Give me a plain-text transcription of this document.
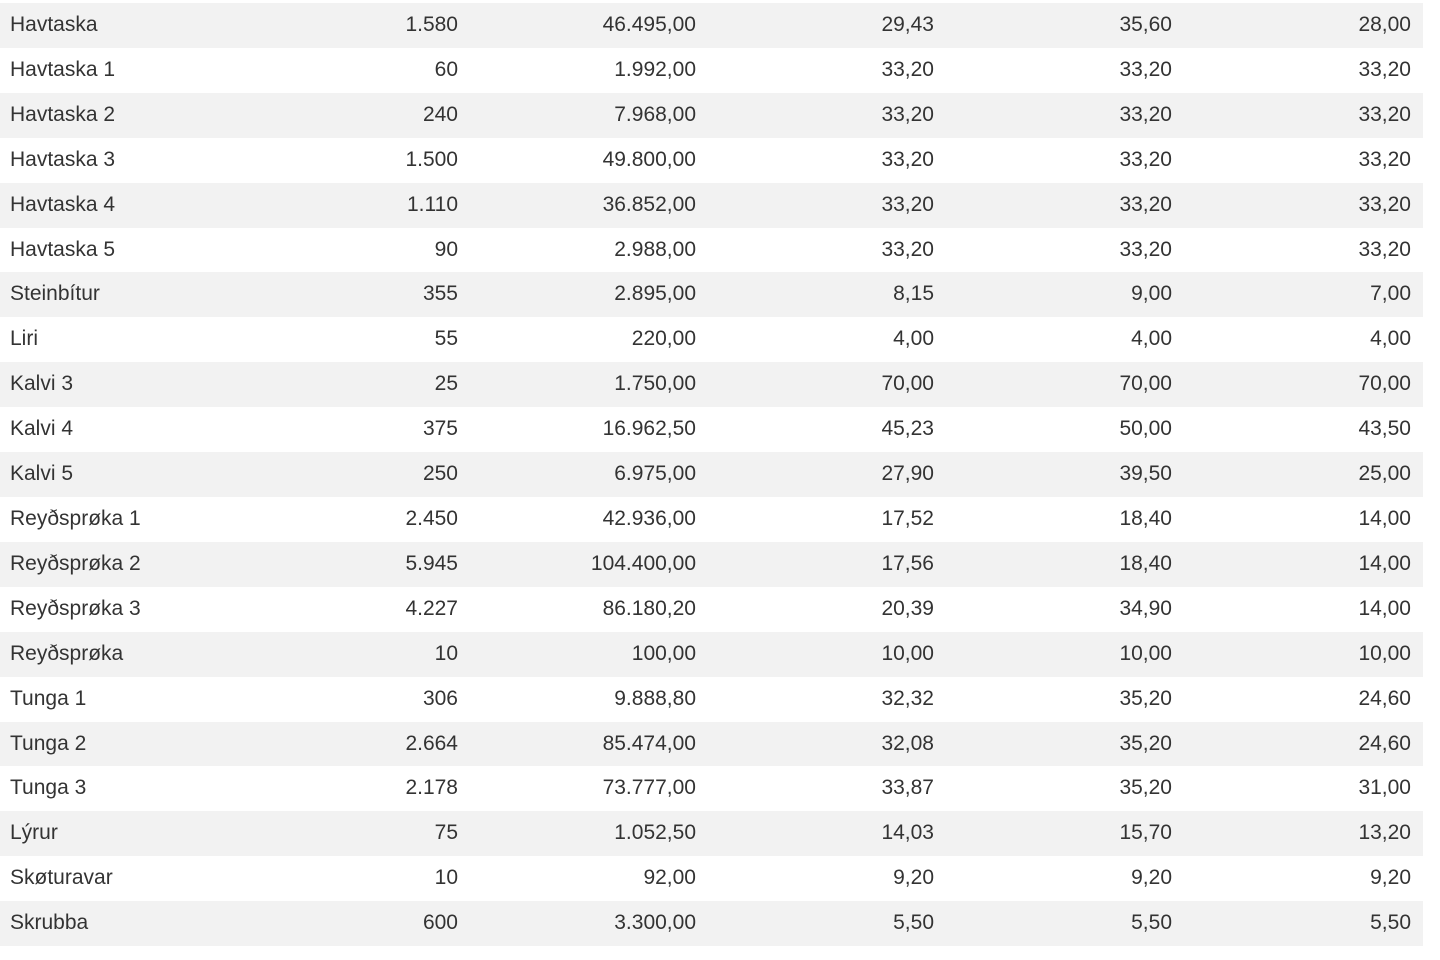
Havtaska	1.580	46.495,00	29,43	35,60	28,00
Havtaska 1	60	1.992,00	33,20	33,20	33,20
Havtaska 2	240	7.968,00	33,20	33,20	33,20
Havtaska 3	1.500	49.800,00	33,20	33,20	33,20
Havtaska 4	1.110	36.852,00	33,20	33,20	33,20
Havtaska 5	90	2.988,00	33,20	33,20	33,20
Steinbítur	355	2.895,00	8,15	9,00	7,00
Liri	55	220,00	4,00	4,00	4,00
Kalvi 3	25	1.750,00	70,00	70,00	70,00
Kalvi 4	375	16.962,50	45,23	50,00	43,50
Kalvi 5	250	6.975,00	27,90	39,50	25,00
Reyðsprøka 1	2.450	42.936,00	17,52	18,40	14,00
Reyðsprøka 2	5.945	104.400,00	17,56	18,40	14,00
Reyðsprøka 3	4.227	86.180,20	20,39	34,90	14,00
Reyðsprøka	10	100,00	10,00	10,00	10,00
Tunga 1	306	9.888,80	32,32	35,20	24,60
Tunga 2	2.664	85.474,00	32,08	35,20	24,60
Tunga 3	2.178	73.777,00	33,87	35,20	31,00
Lýrur	75	1.052,50	14,03	15,70	13,20
Skøturavar	10	92,00	9,20	9,20	9,20
Skrubba	600	3.300,00	5,50	5,50	5,50
